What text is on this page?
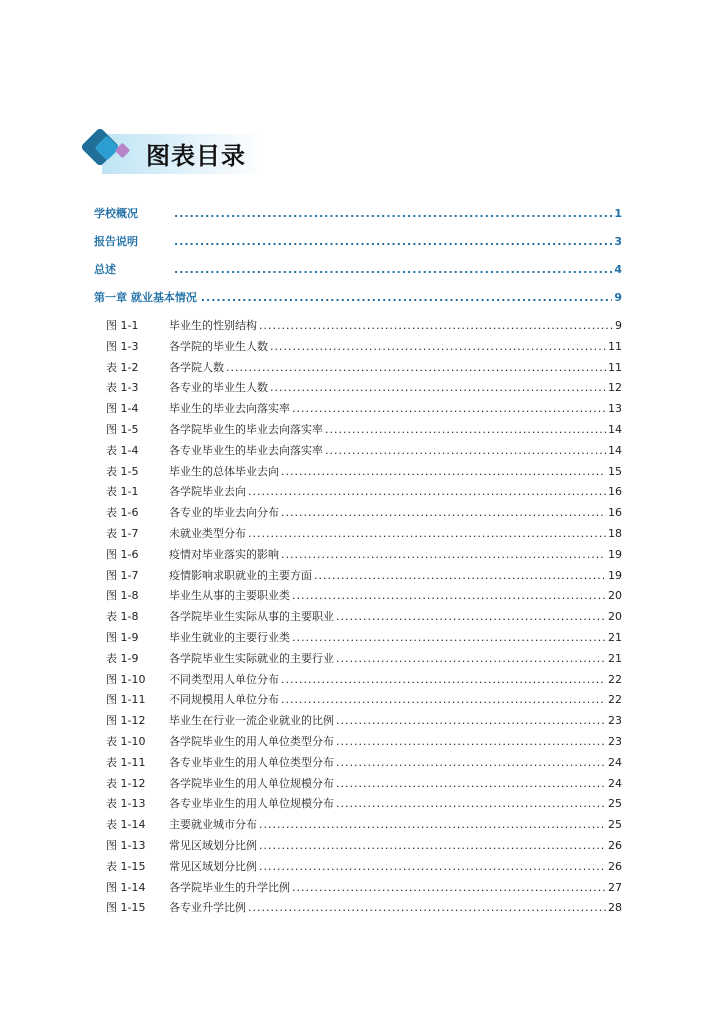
图表目录
学校概况 .....	1
报告说明 .....	3
总述 .....	4
第一章 就业基本情况 .....	9
图 1-1	毕业生的性别结构 .....	9
图 1-3	各学院的毕业生人数 .....	11
表 1-2	各学院人数 .....	11
表 1-3	各专业的毕业生人数 .....	12
图 1-4	毕业生的毕业去向落实率 .....	13
图 1-5	各学院毕业生的毕业去向落实率 .....	14
表 1-4	各专业毕业生的毕业去向落实率 .....	14
表 1-5	毕业生的总体毕业去向 .....	15
表 1-1	各学院毕业去向 .....	16
表 1-6	各专业的毕业去向分布 .....	16
表 1-7	未就业类型分布 .....	18
图 1-6	疫情对毕业落实的影响 .....	19
图 1-7	疫情影响求职就业的主要方面 .....	19
图 1-8	毕业生从事的主要职业类 .....	20
表 1-8	各学院毕业生实际从事的主要职业 .....	20
图 1-9	毕业生就业的主要行业类 .....	21
表 1-9	各学院毕业生实际就业的主要行业 .....	21
图 1-10	不同类型用人单位分布 .....	22
图 1-11	不同规模用人单位分布 .....	22
图 1-12	毕业生在行业一流企业就业的比例 .....	23
表 1-10	各学院毕业生的用人单位类型分布 .....	23
表 1-11	各专业毕业生的用人单位类型分布 .....	24
表 1-12	各学院毕业生的用人单位规模分布 .....	24
表 1-13	各专业毕业生的用人单位规模分布 .....	25
表 1-14	主要就业城市分布 .....	25
图 1-13	常见区域划分比例 .....	26
表 1-15	常见区域划分比例 .....	26
图 1-14	各学院毕业生的升学比例 .....	27
图 1-15	各专业升学比例 .....	28
